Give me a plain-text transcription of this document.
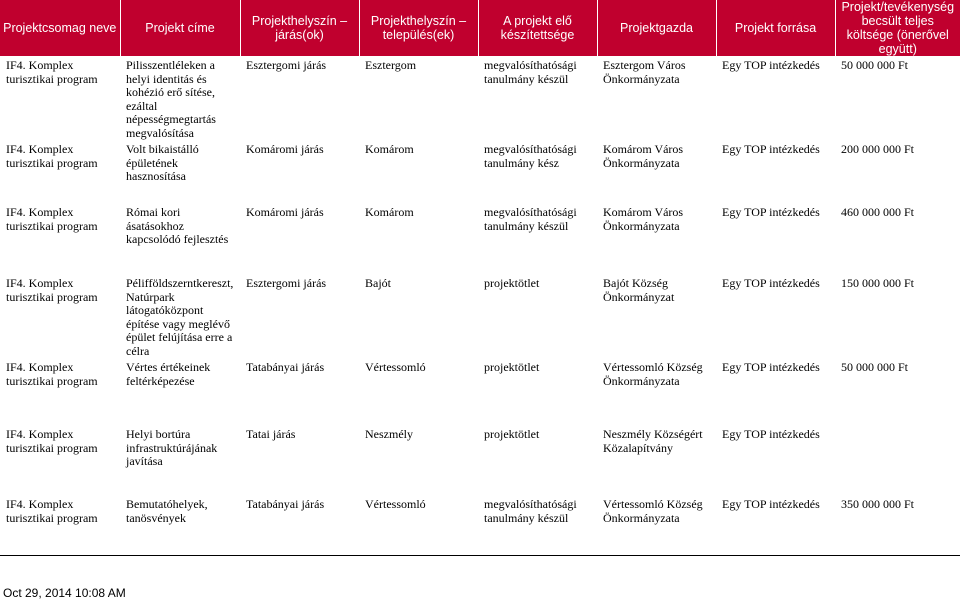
Projektcsomag neve	Projekt címe	Projekthelyszín – járás(ok)	Projekthelyszín – település(ek)	A projekt elő készítettsége	Projektgazda	Projekt forrása	Projekt/tevékenység becsült teljes költsége (önerővel együtt)
IF4. Komplex turisztikai program	Pilisszentléleken a helyi identitás és kohézió erő sítése, ezáltal népességmegtartás megvalósítása	Esztergomi járás	Esztergom	megvalósíthatósági tanulmány készül	Esztergom Város Önkormányzata	Egy TOP intézkedés	50 000 000 Ft
IF4. Komplex turisztikai program	Volt bikaistálló épületének hasznosítása	Komáromi járás	Komárom	megvalósíthatósági tanulmány kész	Komárom Város Önkormányzata	Egy TOP intézkedés	200 000 000 Ft
IF4. Komplex turisztikai program	Római kori ásatásokhoz kapcsolódó fejlesztés	Komáromi járás	Komárom	megvalósíthatósági tanulmány készül	Komárom Város Önkormányzata	Egy TOP intézkedés	460 000 000 Ft
IF4. Komplex turisztikai program	Pélifföldszerntkereszt, Natúrpark látogatóközpont építése vagy meglévő épület felújítása erre a célra	Esztergomi járás	Bajót	projektötlet	Bajót Község Önkormányzat	Egy TOP intézkedés	150 000 000 Ft
IF4. Komplex turisztikai program	Vértes értékeinek feltérképezése	Tatabányai járás	Vértessomló	projektötlet	Vértessomló Község Önkormányzata	Egy TOP intézkedés	50 000 000 Ft
IF4. Komplex turisztikai program	Helyi bortúra infrastruktúrájának javítása	Tatai járás	Neszmély	projektötlet	Neszmély Községért Közalapítvány	Egy TOP intézkedés	
IF4. Komplex turisztikai program	Bemutatóhelyek, tanösvények	Tatabányai járás	Vértessomló	megvalósíthatósági tanulmány készül	Vértessomló Község Önkormányzata	Egy TOP intézkedés	350 000 000 Ft

Oct 29, 2014 10:08 AM
